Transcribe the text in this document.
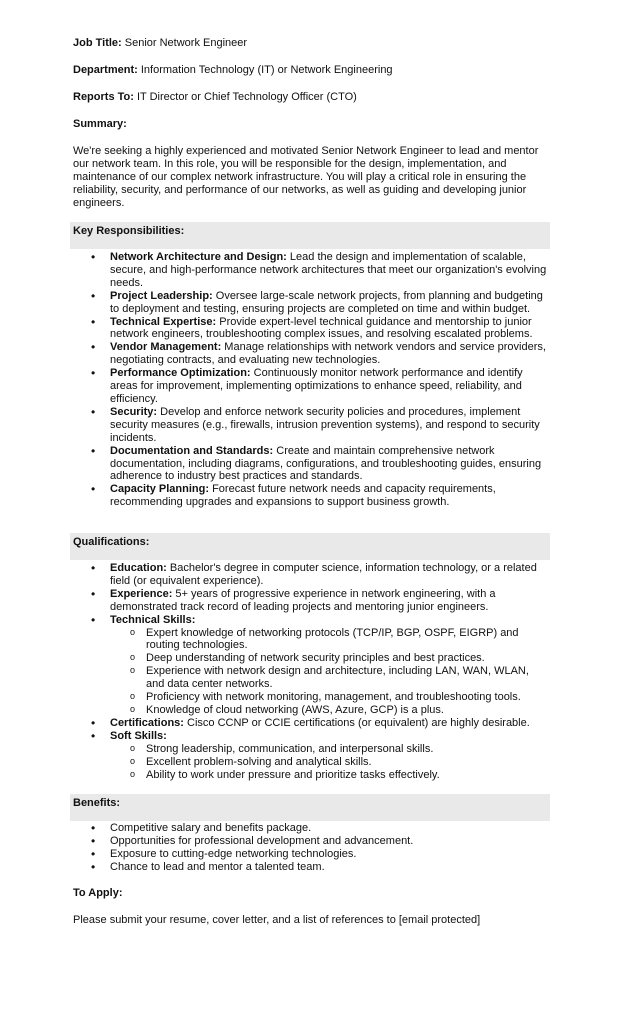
Job Title: Senior Network Engineer
Department: Information Technology (IT) or Network Engineering
Reports To: IT Director or Chief Technology Officer (CTO)
Summary:
We're seeking a highly experienced and motivated Senior Network Engineer to lead and mentor our network team. In this role, you will be responsible for the design, implementation, and maintenance of our complex network infrastructure. You will play a critical role in ensuring the reliability, security, and performance of our networks, as well as guiding and developing junior engineers.
Key Responsibilities:
• Network Architecture and Design: Lead the design and implementation of scalable, secure, and high-performance network architectures that meet our organization's evolving needs.
• Project Leadership: Oversee large-scale network projects, from planning and budgeting to deployment and testing, ensuring projects are completed on time and within budget.
• Technical Expertise: Provide expert-level technical guidance and mentorship to junior network engineers, troubleshooting complex issues, and resolving escalated problems.
• Vendor Management: Manage relationships with network vendors and service providers, negotiating contracts, and evaluating new technologies.
• Performance Optimization: Continuously monitor network performance and identify areas for improvement, implementing optimizations to enhance speed, reliability, and efficiency.
• Security: Develop and enforce network security policies and procedures, implement security measures (e.g., firewalls, intrusion prevention systems), and respond to security incidents.
• Documentation and Standards: Create and maintain comprehensive network documentation, including diagrams, configurations, and troubleshooting guides, ensuring adherence to industry best practices and standards.
• Capacity Planning: Forecast future network needs and capacity requirements, recommending upgrades and expansions to support business growth.
Qualifications:
• Education: Bachelor's degree in computer science, information technology, or a related field (or equivalent experience).
• Experience: 5+ years of progressive experience in network engineering, with a demonstrated track record of leading projects and mentoring junior engineers.
• Technical Skills:
o Expert knowledge of networking protocols (TCP/IP, BGP, OSPF, EIGRP) and routing technologies.
o Deep understanding of network security principles and best practices.
o Experience with network design and architecture, including LAN, WAN, WLAN, and data center networks.
o Proficiency with network monitoring, management, and troubleshooting tools.
o Knowledge of cloud networking (AWS, Azure, GCP) is a plus.
• Certifications: Cisco CCNP or CCIE certifications (or equivalent) are highly desirable.
• Soft Skills:
o Strong leadership, communication, and interpersonal skills.
o Excellent problem-solving and analytical skills.
o Ability to work under pressure and prioritize tasks effectively.
Benefits:
• Competitive salary and benefits package.
• Opportunities for professional development and advancement.
• Exposure to cutting-edge networking technologies.
• Chance to lead and mentor a talented team.
To Apply:
Please submit your resume, cover letter, and a list of references to [email protected]
